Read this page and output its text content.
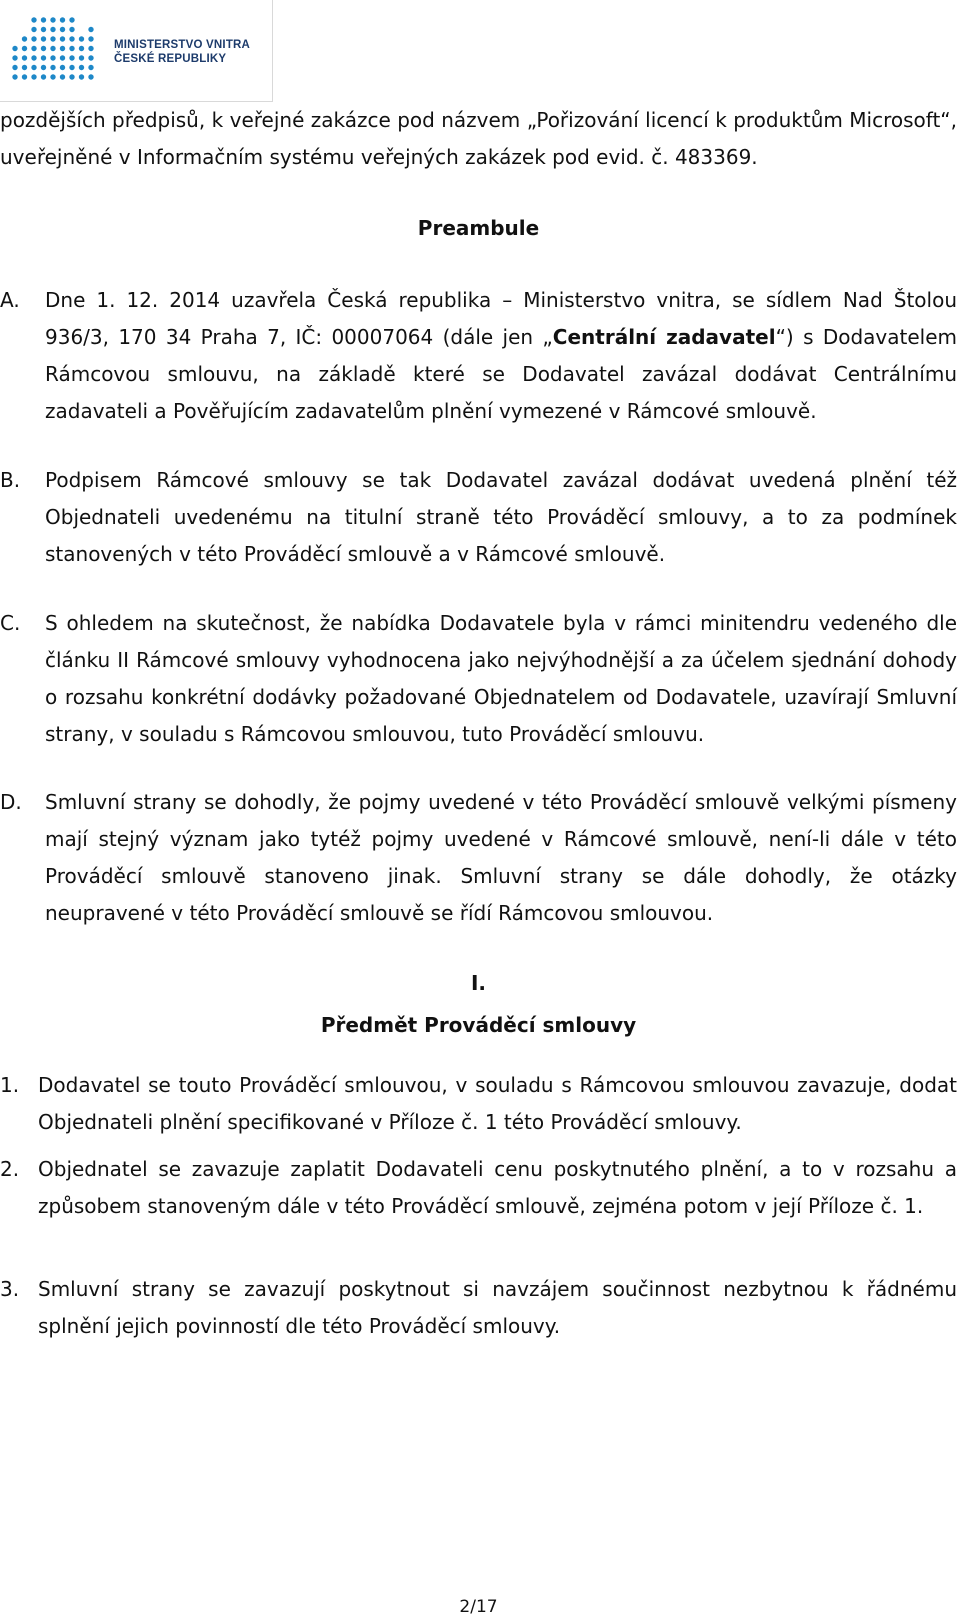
MINISTERSTVO VNITRA
ČESKÉ REPUBLIKY

pozdějších předpisů, k veřejné zakázce pod názvem „Pořizování licencí k produktům Microsoft“, uveřejněné v Informačním systému veřejných zakázek pod evid. č. 483369.

Preambule

A. Dne 1. 12. 2014 uzavřela Česká republika – Ministerstvo vnitra, se sídlem Nad Štolou 936/3, 170 34 Praha 7, IČ: 00007064 (dále jen „Centrální zadavatel“) s Dodavatelem Rámcovou smlouvu, na základě které se Dodavatel zavázal dodávat Centrálnímu zadavateli a Pověřujícím zadavatelům plnění vymezené v Rámcové smlouvě.

B. Podpisem Rámcové smlouvy se tak Dodavatel zavázal dodávat uvedená plnění též Objednateli uvedenému na titulní straně této Prováděcí smlouvy, a to za podmínek stanovených v této Prováděcí smlouvě a v Rámcové smlouvě.

C. S ohledem na skutečnost, že nabídka Dodavatele byla v rámci minitendru vedeného dle článku II Rámcové smlouvy vyhodnocena jako nejvýhodnější a za účelem sjednání dohody o rozsahu konkrétní dodávky požadované Objednatelem od Dodavatele, uzavírají Smluvní strany, v souladu s Rámcovou smlouvou, tuto Prováděcí smlouvu.

D. Smluvní strany se dohodly, že pojmy uvedené v této Prováděcí smlouvě velkými písmeny mají stejný význam jako tytéž pojmy uvedené v Rámcové smlouvě, není-li dále v této Prováděcí smlouvě stanoveno jinak. Smluvní strany se dále dohodly, že otázky neupravené v této Prováděcí smlouvě se řídí Rámcovou smlouvou.

I.

Předmět Prováděcí smlouvy

1. Dodavatel se touto Prováděcí smlouvou, v souladu s Rámcovou smlouvou zavazuje, dodat Objednateli plnění specifikované v Příloze č. 1 této Prováděcí smlouvy.

2. Objednatel se zavazuje zaplatit Dodavateli cenu poskytnutého plnění, a to v rozsahu a způsobem stanoveným dále v této Prováděcí smlouvě, zejména potom v její Příloze č. 1.

3. Smluvní strany se zavazují poskytnout si navzájem součinnost nezbytnou k řádnému splnění jejich povinností dle této Prováděcí smlouvy.

2/17
